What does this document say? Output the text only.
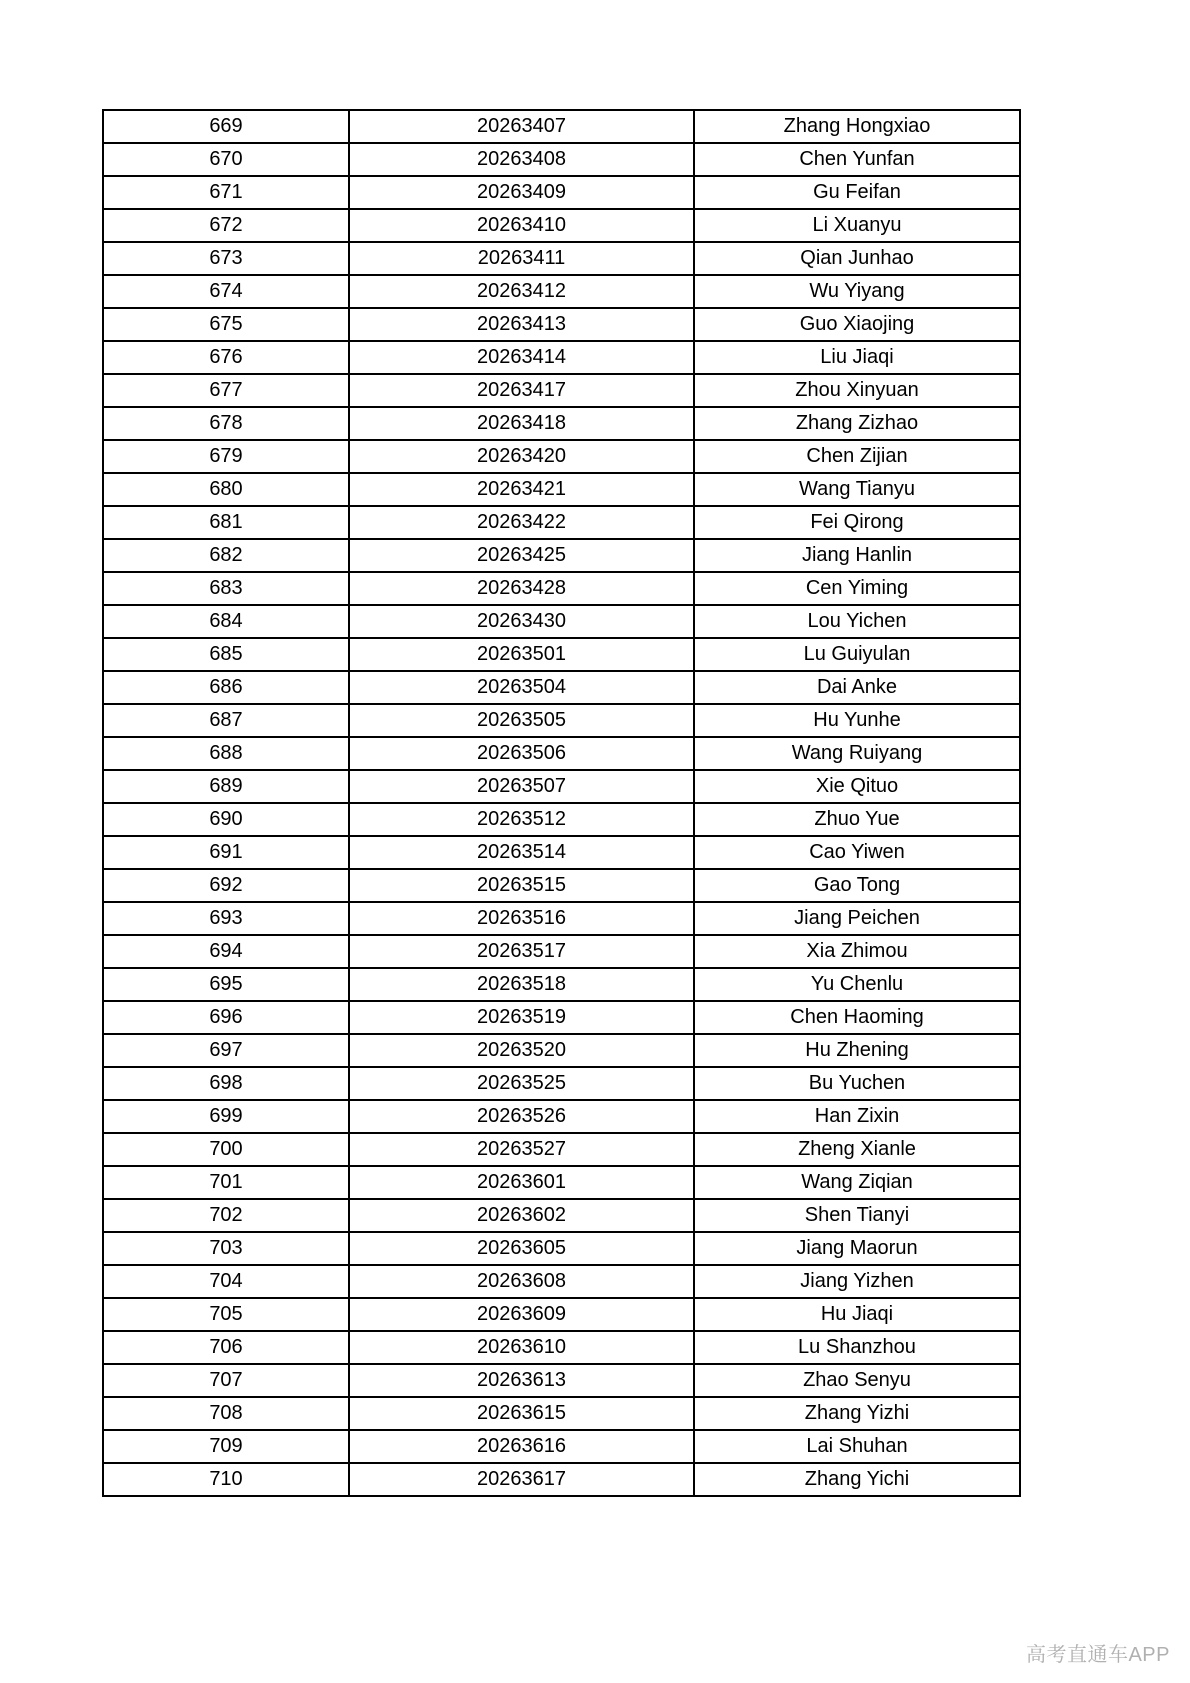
669	20263407	Zhang Hongxiao
670	20263408	Chen Yunfan
671	20263409	Gu Feifan
672	20263410	Li Xuanyu
673	20263411	Qian Junhao
674	20263412	Wu Yiyang
675	20263413	Guo Xiaojing
676	20263414	Liu Jiaqi
677	20263417	Zhou Xinyuan
678	20263418	Zhang Zizhao
679	20263420	Chen Zijian
680	20263421	Wang Tianyu
681	20263422	Fei Qirong
682	20263425	Jiang Hanlin
683	20263428	Cen Yiming
684	20263430	Lou Yichen
685	20263501	Lu Guiyulan
686	20263504	Dai Anke
687	20263505	Hu Yunhe
688	20263506	Wang Ruiyang
689	20263507	Xie Qituo
690	20263512	Zhuo Yue
691	20263514	Cao Yiwen
692	20263515	Gao Tong
693	20263516	Jiang Peichen
694	20263517	Xia Zhimou
695	20263518	Yu Chenlu
696	20263519	Chen Haoming
697	20263520	Hu Zhening
698	20263525	Bu Yuchen
699	20263526	Han Zixin
700	20263527	Zheng Xianle
701	20263601	Wang Ziqian
702	20263602	Shen Tianyi
703	20263605	Jiang Maorun
704	20263608	Jiang Yizhen
705	20263609	Hu Jiaqi
706	20263610	Lu Shanzhou
707	20263613	Zhao Senyu
708	20263615	Zhang Yizhi
709	20263616	Lai Shuhan
710	20263617	Zhang Yichi
高考直通车APP
